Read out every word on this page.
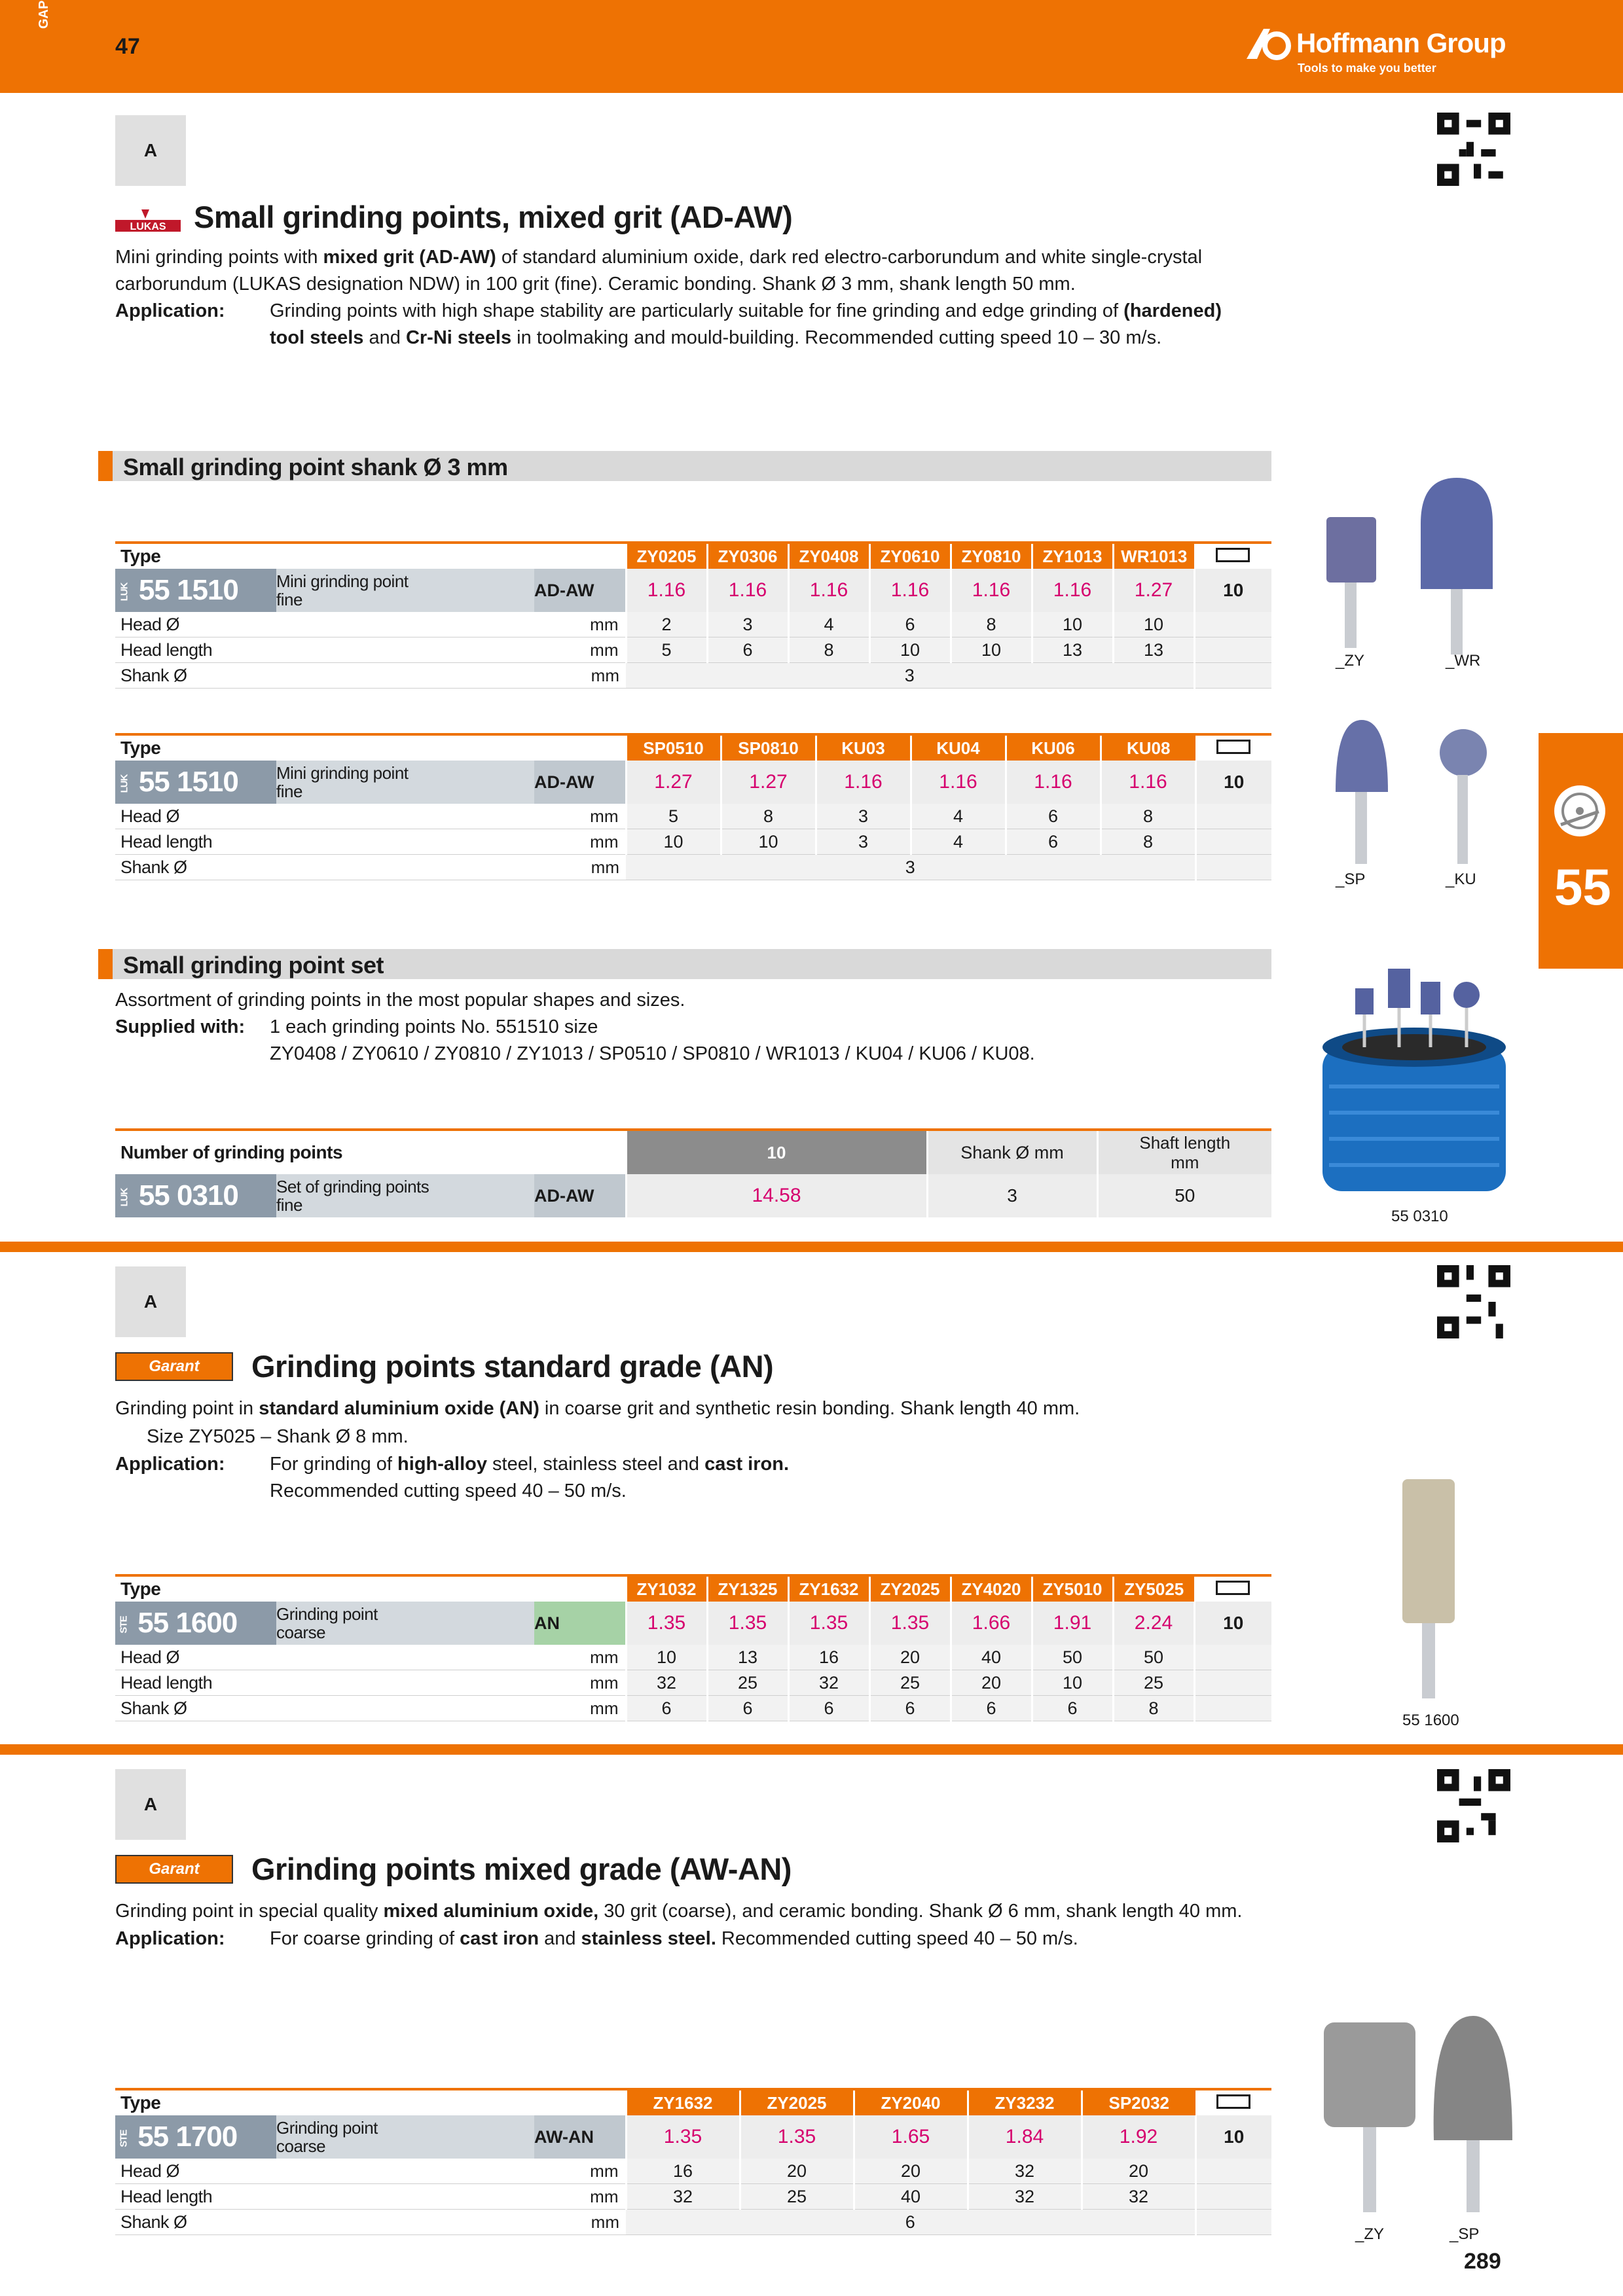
GAP
47	Hoffmann Group
Tools to make you better
55
A
LUKAS Small grinding points, mixed grit (AD-AW)
Mini grinding points with mixed grit (AD-AW) of standard aluminium oxide, dark red electro-carborundum and white single-crystal
carborundum (LUKAS designation NDW) in 100 grit (fine). Ceramic bonding. Shank Ø 3 mm, shank length 50 mm.
Application: Grinding points with high shape stability are particularly suitable for fine grinding and edge grinding of (hardened)
tool steels and Cr-Ni steels in toolmaking and mould-building. Recommended cutting speed 10 – 30 m/s.
Small grinding point shank Ø 3 mm
Type			ZY0205	ZY0306	ZY0408	ZY0610	ZY0810	ZY1013	WR1013	
LUK 55 1510	Mini grinding point
fine	AD-AW	1.16	1.16	1.16	1.16	1.16	1.16	1.27	10
Head Ø		mm	2	3	4	6	8	10	10	
Head length		mm	5	6	8	10	10	13	13	
Shank Ø		mm	3							
Type			SP0510	SP0810	KU03	KU04	KU06	KU08	
LUK 55 1510	Mini grinding point
fine	AD-AW	1.27	1.27	1.16	1.16	1.16	1.16	10
Head Ø		mm	5	8	3	4	6	8	
Head length		mm	10	10	3	4	6	8	
Shank Ø		mm	3						
Small grinding point set
Assortment of grinding points in the most popular shapes and sizes.
Supplied with: 1 each grinding points No. 551510 size
ZY0408 / ZY0610 / ZY0810 / ZY1013 / SP0510 / SP0810 / WR1013 / KU04 / KU06 / KU08.
Number of grinding points			10	Shank Ø mm	Shaft length
mm
LUK 55 0310	Set of grinding points
fine	AD-AW	14.58	3	50
_ZY	_WR
_SP	_KU
55 0310
A
Garant	Grinding points standard grade (AN)
Grinding point in standard aluminium oxide (AN) in coarse grit and synthetic resin bonding. Shank length 40 mm.
Size ZY5025 – Shank Ø 8 mm.
Application: For grinding of high-alloy steel, stainless steel and cast iron.
Recommended cutting speed 40 – 50 m/s.
Type			ZY1032	ZY1325	ZY1632	ZY2025	ZY4020	ZY5010	ZY5025	
STE 55 1600	Grinding point
coarse	AN	1.35	1.35	1.35	1.35	1.66	1.91	2.24	10
Head Ø		mm	10	13	16	20	40	50	50	
Head length		mm	32	25	32	25	20	10	25	
Shank Ø		mm	6	6	6	6	6	6	8	
55 1600
A
Garant	Grinding points mixed grade (AW-AN)
Grinding point in special quality mixed aluminium oxide, 30 grit (coarse), and ceramic bonding. Shank Ø 6 mm, shank length 40 mm.
Application: For coarse grinding of cast iron and stainless steel. Recommended cutting speed 40 – 50 m/s.
Type			ZY1632	ZY2025	ZY2040	ZY3232	SP2032	
STE 55 1700	Grinding point
coarse	AW-AN	1.35	1.35	1.65	1.84	1.92	10
Head Ø		mm	16	20	20	32	20	
Head length		mm	32	25	40	32	32	
Shank Ø		mm	6					
_ZY	_SP
289
